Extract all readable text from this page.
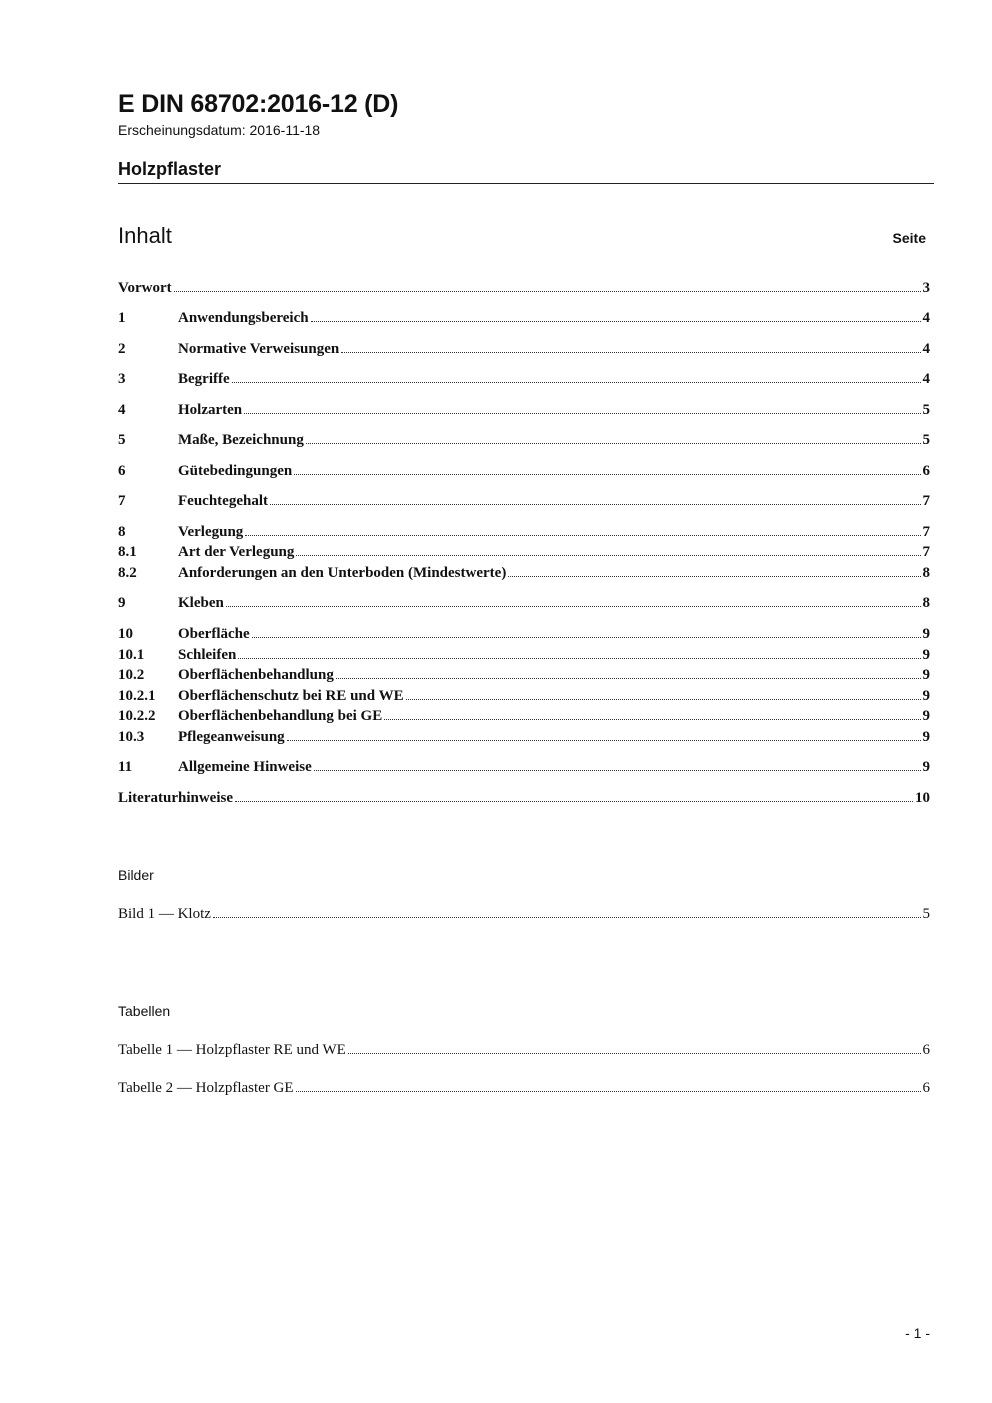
E DIN 68702:2016-12 (D)
Erscheinungsdatum: 2016-11-18
Holzpflaster
Inhalt	Seite
Vorwort	3
1	Anwendungsbereich	4
2	Normative Verweisungen	4
3	Begriffe	4
4	Holzarten	5
5	Maße, Bezeichnung	5
6	Gütebedingungen	6
7	Feuchtegehalt	7
8	Verlegung	7
8.1	Art der Verlegung	7
8.2	Anforderungen an den Unterboden (Mindestwerte)	8
9	Kleben	8
10	Oberfläche	9
10.1	Schleifen	9
10.2	Oberflächenbehandlung	9
10.2.1	Oberflächenschutz bei RE und WE	9
10.2.2	Oberflächenbehandlung bei GE	9
10.3	Pflegeanweisung	9
11	Allgemeine Hinweise	9
Literaturhinweise	10
Bilder
Bild 1 — Klotz	5
Tabellen
Tabelle 1 — Holzpflaster RE und WE	6
Tabelle 2 — Holzpflaster GE	6
- 1 -
